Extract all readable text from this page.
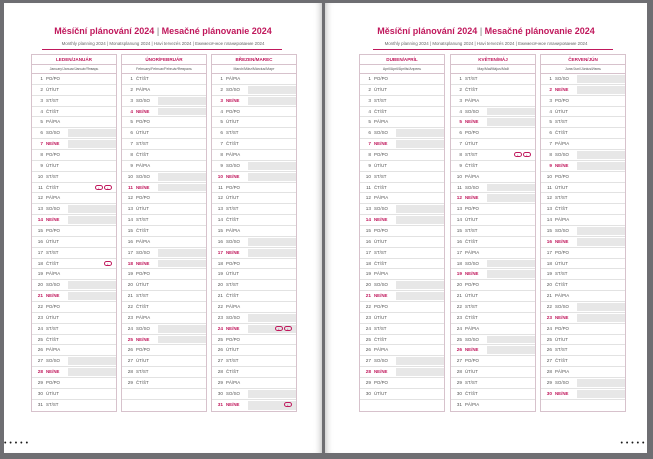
Měsíční plánování 2024 | Mesačné plánovanie 2024
Monthly planning 2024 | Monatsplanung 2024 | Havi tervezés 2024 | Ежемесячное планирование 2024
LEDEN/JANUÁR
January/Januar/Január/Январь
1 PO/PO
2 ÚT/UT
3 ST/ST
4 ČT/ŠT
5 PÁ/PIA
6 SO/SO
7 NE/NE
8 PO/PO
9 ÚT/UT
10 ST/ST
11 ČT/ŠT	◐	◐
12 PÁ/PIA
13 SO/SO
14 NE/NE
15 PO/PO
16 ÚT/UT
17 ST/ST
18 ČT/ŠT	◐
19 PÁ/PIA
20 SO/SO
21 NE/NE
22 PO/PO
23 ÚT/UT
24 ST/ST
25 ČT/ŠT
26 PÁ/PIA
27 SO/SO
28 NE/NE
29 PO/PO
30 ÚT/UT
31 ST/ST
ÚNOR/FEBRUÁR
February/Februar/Február/Февраль
1 ČT/ŠT
2 PÁ/PIA
3 SO/SO
4 NE/NE
5 PO/PO
6 ÚT/UT
7 ST/ST
8 ČT/ŠT
9 PÁ/PIA
10 SO/SO
11 NE/NE
12 PO/PO
13 ÚT/UT
14 ST/ST
15 ČT/ŠT
16 PÁ/PIA
17 SO/SO
18 NE/NE
19 PO/PO
20 ÚT/UT
21 ST/ST
22 ČT/ŠT
23 PÁ/PIA
24 SO/SO
25 NE/NE
26 PO/PO
27 ÚT/UT
28 ST/ST
29 ČT/ŠT
BŘEZEN/MAREC
March/März/Március/Март
1 PÁ/PIA
2 SO/SO
3 NE/NE
4 PO/PO
5 ÚT/UT
6 ST/ST
7 ČT/ŠT
8 PÁ/PIA
9 SO/SO
10 NE/NE
11 PO/PO
12 ÚT/UT
13 ST/ST
14 ČT/ŠT
15 PÁ/PIA
16 SO/SO
17 NE/NE
18 PO/PO
19 ÚT/UT
20 ST/ST
21 ČT/ŠT
22 PÁ/PIA
23 SO/SO
24 NE/NE	◐	◐
25 PO/PO
26 ÚT/UT
27 ST/ST
28 ČT/ŠT
29 PÁ/PIA
30 SO/SO
31 NE/NE	◐
• • • • •
Měsíční plánování 2024 | Mesačné plánovanie 2024
Monthly planning 2024 | Monatsplanung 2024 | Havi tervezés 2024 | Ежемесячное планирование 2024
DUBEN/APRÍL
April/April/Április/Апрель
1 PO/PO
2 ÚT/UT
3 ST/ST
4 ČT/ŠT
5 PÁ/PIA
6 SO/SO
7 NE/NE
8 PO/PO
9 ÚT/UT
10 ST/ST
11 ČT/ŠT
12 PÁ/PIA
13 SO/SO
14 NE/NE
15 PO/PO
16 ÚT/UT
17 ST/ST
18 ČT/ŠT
19 PÁ/PIA
20 SO/SO
21 NE/NE
22 PO/PO
23 ÚT/UT
24 ST/ST
25 ČT/ŠT
26 PÁ/PIA
27 SO/SO
28 NE/NE
29 PO/PO
30 ÚT/UT
KVĚTEN/MÁJ
May/Mai/Május/Май
1 ST/ST
2 ČT/ŠT
3 PÁ/PIA
4 SO/SO
5 NE/NE
6 PO/PO
7 ÚT/UT
8 ST/ST	◐	◐
9 ČT/ŠT
10 PÁ/PIA
11 SO/SO
12 NE/NE
13 PO/PO
14 ÚT/UT
15 ST/ST
16 ČT/ŠT
17 PÁ/PIA
18 SO/SO
19 NE/NE
20 PO/PO
21 ÚT/UT
22 ST/ST
23 ČT/ŠT
24 PÁ/PIA
25 SO/SO
26 NE/NE
27 PO/PO
28 ÚT/UT
29 ST/ST
30 ČT/ŠT
31 PÁ/PIA
ČERVEN/JÚN
June/Juni/Június/Июнь
1 SO/SO
2 NE/NE
3 PO/PO
4 ÚT/UT
5 ST/ST
6 ČT/ŠT
7 PÁ/PIA
8 SO/SO
9 NE/NE
10 PO/PO
11 ÚT/UT
12 ST/ST
13 ČT/ŠT
14 PÁ/PIA
15 SO/SO
16 NE/NE
17 PO/PO
18 ÚT/UT
19 ST/ST
20 ČT/ŠT
21 PÁ/PIA
22 SO/SO
23 NE/NE
24 PO/PO
25 ÚT/UT
26 ST/ST
27 ČT/ŠT
28 PÁ/PIA
29 SO/SO
30 NE/NE
• • • • •
